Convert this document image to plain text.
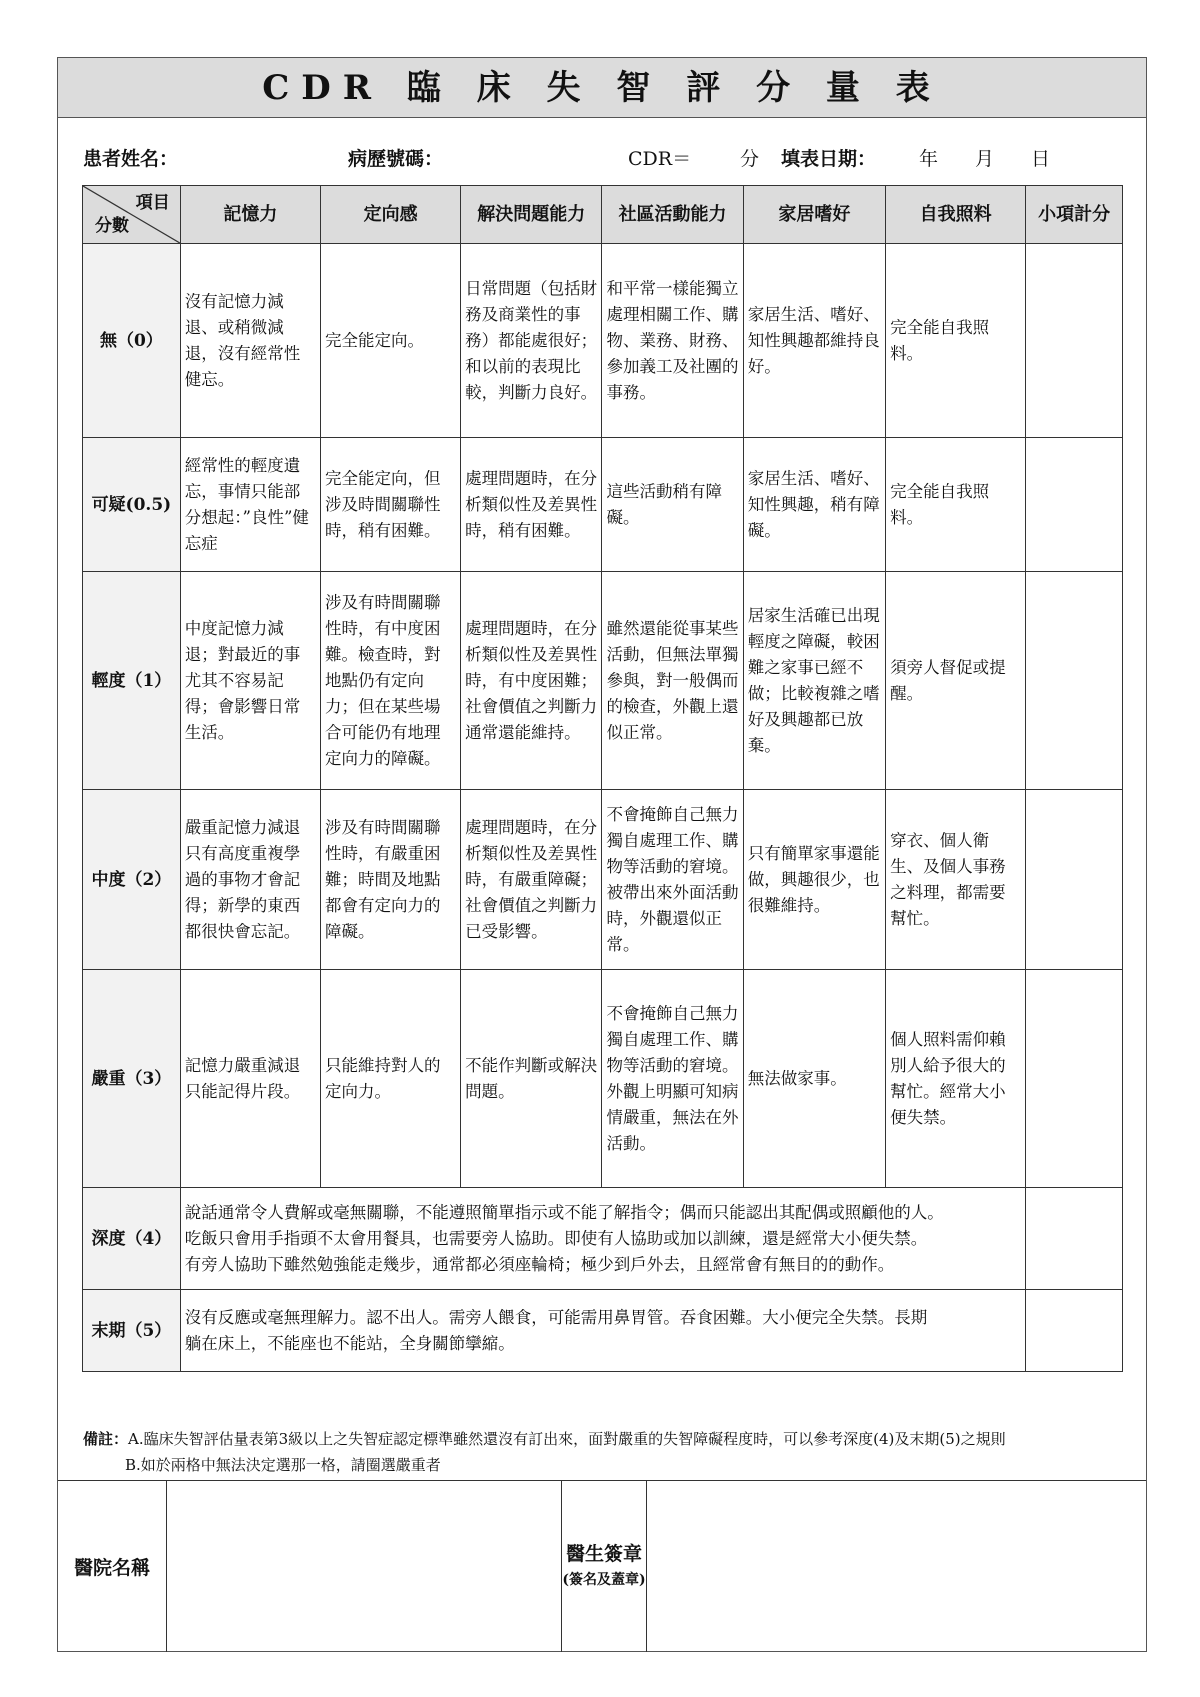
CDR 臨 床 失 智 評 分 量 表
患者姓名：	病歷號碼：	CDR＝	分 填表日期： 年 月 日
項目
分數	記憶力	定向感	解決問題能力	社區活動能力	家居嗜好	自我照料	小項計分
無（0）	沒有記憶力減退、或稍微減退，沒有經常性健忘。	完全能定向。	日常問題（包括財務及商業性的事務）都能處很好；和以前的表現比較，判斷力良好。	和平常一樣能獨立處理相關工作、購物、業務、財務、參加義工及社團的事務。	家居生活、嗜好、知性興趣都維持良好。	完全能自我照料。	
可疑(0.5)	經常性的輕度遺忘，事情只能部分想起：”良性”健忘症	完全能定向，但涉及時間關聯性時，稍有困難。	處理問題時，在分析類似性及差異性時，稍有困難。	這些活動稍有障礙。	家居生活、嗜好、知性興趣，稍有障礙。	完全能自我照料。	
輕度（1）	中度記憶力減退；對最近的事尤其不容易記得；會影響日常生活。	涉及有時間關聯性時，有中度困難。檢查時，對地點仍有定向力；但在某些場合可能仍有地理定向力的障礙。	處理問題時，在分析類似性及差異性時，有中度困難；社會價值之判斷力通常還能維持。	雖然還能從事某些活動，但無法單獨參與，對一般偶而的檢查，外觀上還似正常。	居家生活確已出現輕度之障礙，較困難之家事已經不做；比較複雜之嗜好及興趣都已放棄。	須旁人督促或提醒。	
中度（2）	嚴重記憶力減退只有高度重複學過的事物才會記得；新學的東西都很快會忘記。	涉及有時間關聯性時，有嚴重困難；時間及地點都會有定向力的障礙。	處理問題時，在分析類似性及差異性時，有嚴重障礙；社會價值之判斷力已受影響。	不會掩飾自己無力獨自處理工作、購物等活動的窘境。被帶出來外面活動時，外觀還似正常。	只有簡單家事還能做，興趣很少，也很難維持。	穿衣、個人衛生、及個人事務之料理，都需要幫忙。	
嚴重（3）	記憶力嚴重減退只能記得片段。	只能維持對人的定向力。	不能作判斷或解決問題。	不會掩飾自己無力獨自處理工作、購物等活動的窘境。外觀上明顯可知病情嚴重，無法在外活動。	無法做家事。	個人照料需仰賴別人給予很大的幫忙。經常大小便失禁。	
深度（4）	說話通常令人費解或毫無關聯，不能遵照簡單指示或不能了解指令；偶而只能認出其配偶或照顧他的人。
吃飯只會用手指頭不太會用餐具，也需要旁人協助。即使有人協助或加以訓練，還是經常大小便失禁。
有旁人協助下雖然勉強能走幾步，通常都必須座輪椅；極少到戶外去，且經常會有無目的的動作。						

末期（5）	沒有反應或毫無理解力。認不出人。需旁人餵食，可能需用鼻胃管。吞食困難。大小便完全失禁。長期
躺在床上，不能座也不能站，全身關節攣縮。						

備註：A.臨床失智評估量表第3級以上之失智症認定標準雖然還沒有訂出來，面對嚴重的失智障礙程度時，可以參考深度(4)及末期(5)之規則
B.如於兩格中無法決定選那一格，請圈選嚴重者
醫院名稱
醫生簽章
(簽名及蓋章)
